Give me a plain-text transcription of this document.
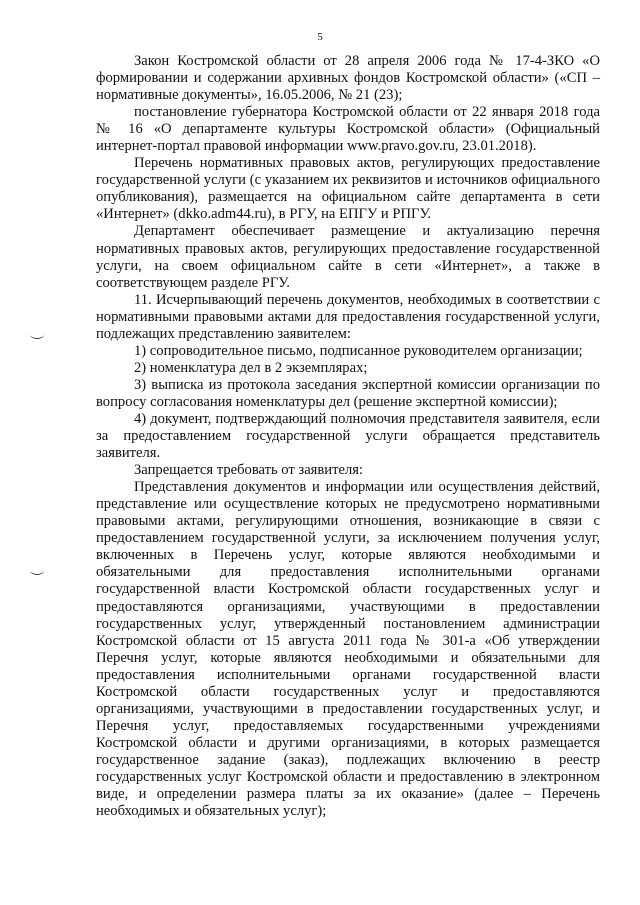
5

Закон Костромской области от 28 апреля 2006 года № 17-4-ЗКО «О формировании и содержании архивных фондов Костромской области» («СП – нормативные документы», 16.05.2006, № 21 (23);

постановление губернатора Костромской области от 22 января 2018 года № 16 «О департаменте культуры Костромской области» (Официальный интернет-портал правовой информации www.pravo.gov.ru, 23.01.2018).

Перечень нормативных правовых актов, регулирующих предоставление государственной услуги (с указанием их реквизитов и источников официального опубликования), размещается на официальном сайте департамента в сети «Интернет» (dkko.adm44.ru), в РГУ, на ЕПГУ и РПГУ.

Департамент обеспечивает размещение и актуализацию перечня нормативных правовых актов, регулирующих предоставление государственной услуги, на своем официальном сайте в сети «Интернет», а также в соответствующем разделе РГУ.

11. Исчерпывающий перечень документов, необходимых в соответствии с нормативными правовыми актами для предоставления государственной услуги, подлежащих представлению заявителем:

1) сопроводительное письмо, подписанное руководителем организации;

2) номенклатура дел в 2 экземплярах;

3) выписка из протокола заседания экспертной комиссии организации по вопросу согласования номенклатуры дел (решение экспертной комиссии);

4) документ, подтверждающий полномочия представителя заявителя, если за предоставлением государственной услуги обращается представитель заявителя.

Запрещается требовать от заявителя:

Представления документов и информации или осуществления действий, представление или осуществление которых не предусмотрено нормативными правовыми актами, регулирующими отношения, возникающие в связи с предоставлением государственной услуги, за исключением получения услуг, включенных в Перечень услуг, которые являются необходимыми и обязательными для предоставления исполнительными органами государственной власти Костромской области государственных услуг и предоставляются организациями, участвующими в предоставлении государственных услуг, утвержденный постановлением администрации Костромской области от 15 августа 2011 года № 301-а «Об утверждении Перечня услуг, которые являются необходимыми и обязательными для предоставления исполнительными органами государственной власти Костромской области государственных услуг и предоставляются организациями, участвующими в предоставлении государственных услуг, и Перечня услуг, предоставляемых государственными учреждениями Костромской области и другими организациями, в которых размещается государственное задание (заказ), подлежащих включению в реестр государственных услуг Костромской области и предоставлению в электронном виде, и определении размера платы за их оказание» (далее – Перечень необходимых и обязательных услуг);
